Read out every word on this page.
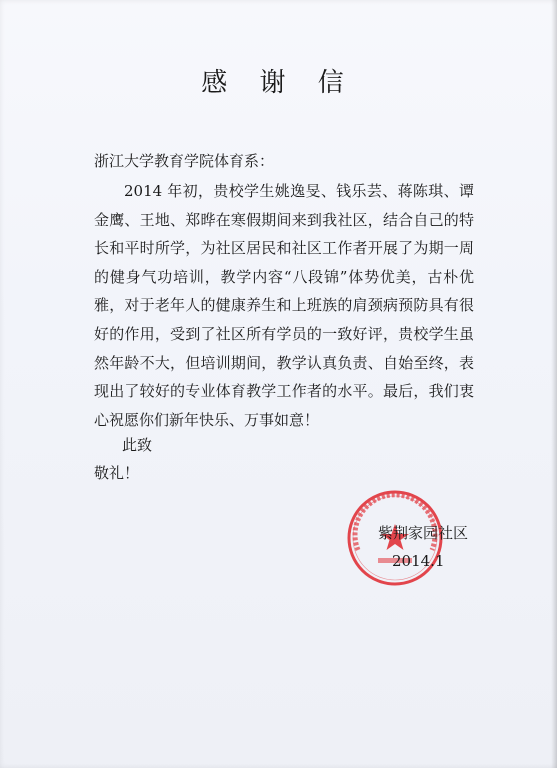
感 谢 信
浙江大学教育学院体育系：
2014 年初，贵校学生姚逸旻、钱乐芸、蒋陈琪、谭金鹰、王地、郑晔在寒假期间来到我社区，结合自己的特长和平时所学，为社区居民和社区工作者开展了为期一周的健身气功培训，教学内容“八段锦”体势优美，古朴优雅，对于老年人的健康养生和上班族的肩颈病预防具有很好的作用，受到了社区所有学员的一致好评，贵校学生虽然年龄不大，但培训期间，教学认真负责、自始至终，表现出了较好的专业体育教学工作者的水平。最后，我们衷心祝愿你们新年快乐、万事如意！
此致
敬礼！
紫荆家园社区
2014.1
